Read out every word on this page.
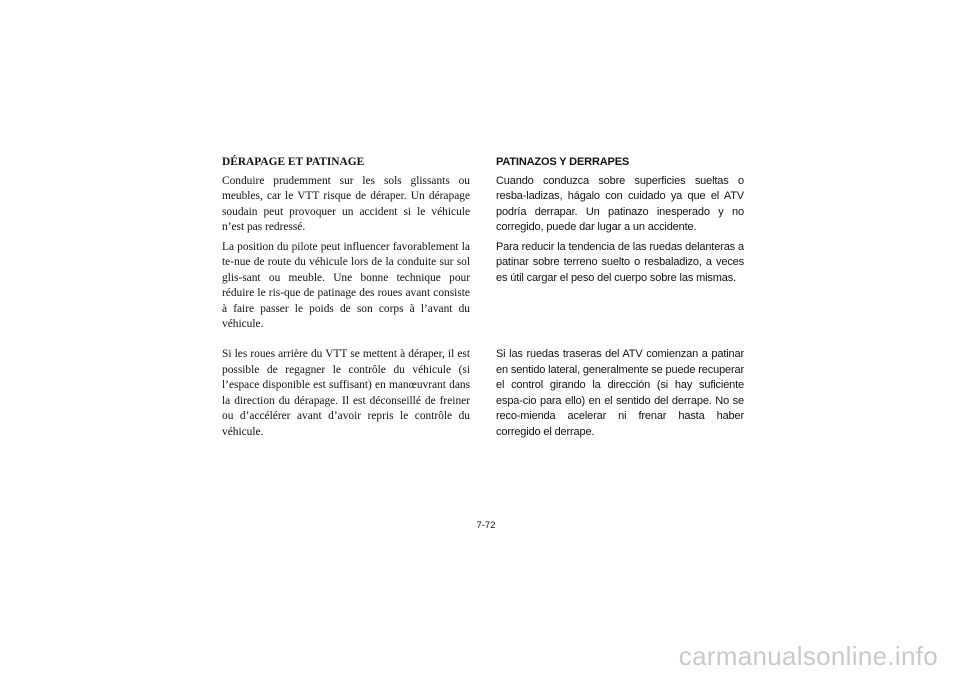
DÉRAPAGE ET PATINAGE

Conduire prudemment sur les sols glissants ou meubles, car le VTT risque de déraper. Un dérapage soudain peut provoquer un accident si le véhicule n’est pas redressé.

La position du pilote peut influencer favorablement la te-nue de route du véhicule lors de la conduite sur sol glis-sant ou meuble. Une bonne technique pour réduire le ris-que de patinage des roues avant consiste à faire passer le poids de son corps à l’avant du véhicule.

PATINAZOS Y DERRAPES

Cuando conduzca sobre superficies sueltas o resba-ladizas, hágalo con cuidado ya que el ATV podría derrapar. Un patinazo inesperado y no corregido, puede dar lugar a un accidente.

Para reducir la tendencia de las ruedas delanteras a patinar sobre terreno suelto o resbaladizo, a veces es útil cargar el peso del cuerpo sobre las mismas.

Si les roues arrière du VTT se mettent à déraper, il est possible de regagner le contrôle du véhicule (si l’espace disponible est suffisant) en manœuvrant dans la direction du dérapage. Il est déconseillé de freiner ou d’accélérer avant d’avoir repris le contrôle du véhicule.

Si las ruedas traseras del ATV comienzan a patinar en sentido lateral, generalmente se puede recuperar el control girando la dirección (si hay suficiente espa-cio para ello) en el sentido del derrape. No se reco-mienda acelerar ni frenar hasta haber corregido el derrape.

7-72
carmanualsonline.info
